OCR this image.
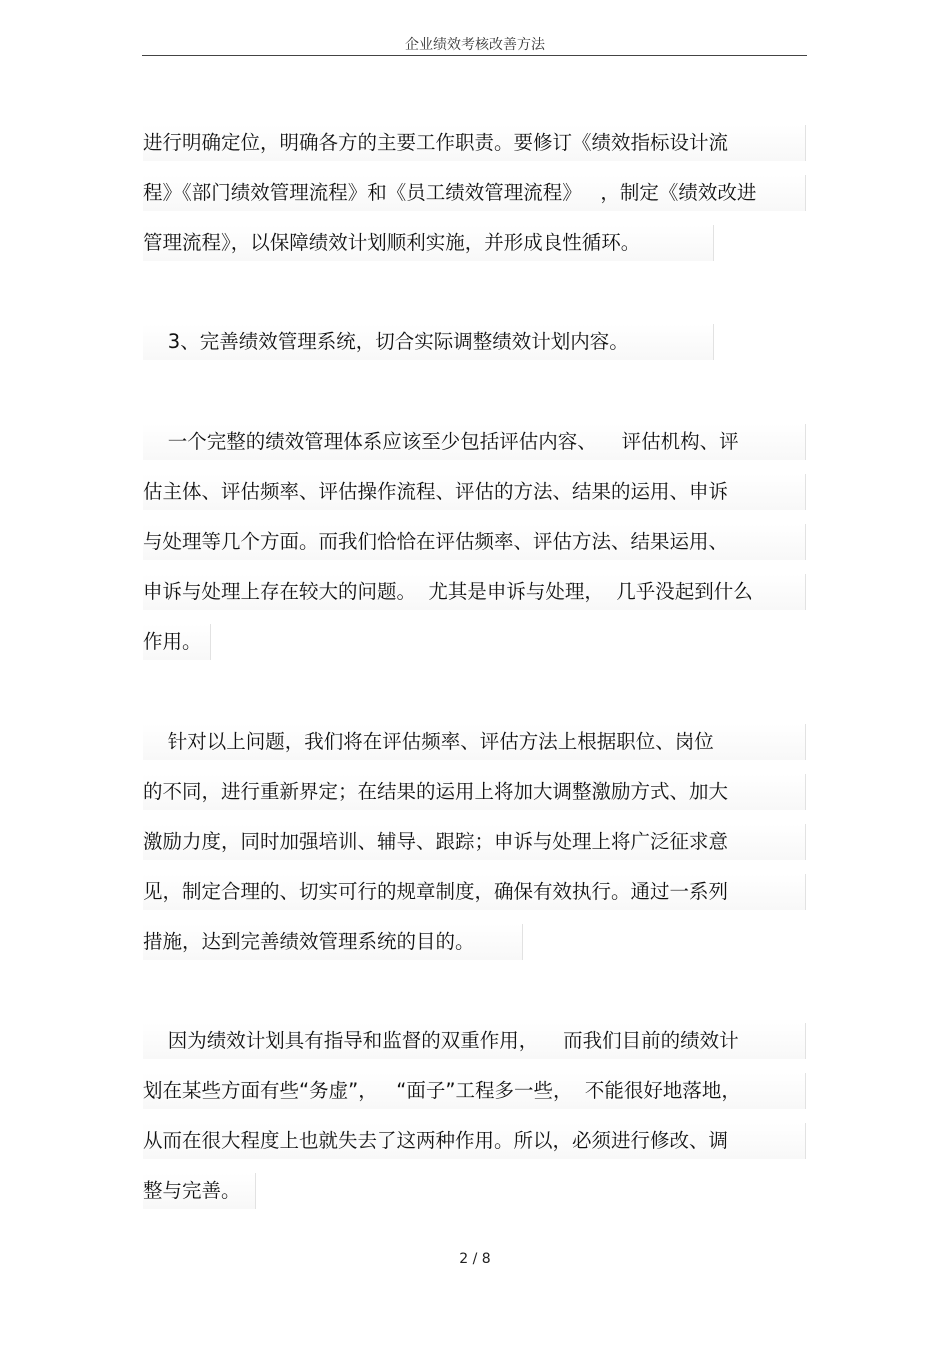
企业绩效考核改善方法
进行明确定位，明确各方的主要工作职责。要修订《绩效指标设计流
程》《部门绩效管理流程》和《员工绩效管理流程》   ，制定《绩效改进
管理流程》，以保障绩效计划顺利实施，并形成良性循环。
3、完善绩效管理系统，切合实际调整绩效计划内容。
一个完整的绩效管理体系应该至少包括评估内容、    评估机构、评
估主体、评估频率、评估操作流程、评估的方法、结果的运用、申诉
与处理等几个方面。而我们恰恰在评估频率、评估方法、结果运用、
申诉与处理上存在较大的问题。  尤其是申诉与处理，  几乎没起到什么
作用。
针对以上问题，我们将在评估频率、评估方法上根据职位、岗位
的不同，进行重新界定；在结果的运用上将加大调整激励方式、加大
激励力度，同时加强培训、辅导、跟踪；申诉与处理上将广泛征求意
见，制定合理的、切实可行的规章制度，确保有效执行。通过一系列
措施，达到完善绩效管理系统的目的。
因为绩效计划具有指导和监督的双重作用，    而我们目前的绩效计
划在某些方面有些“务虚”，   “面子”工程多一些，  不能很好地落地，
从而在很大程度上也就失去了这两种作用。所以，必须进行修改、调
整与完善。
2 / 8
